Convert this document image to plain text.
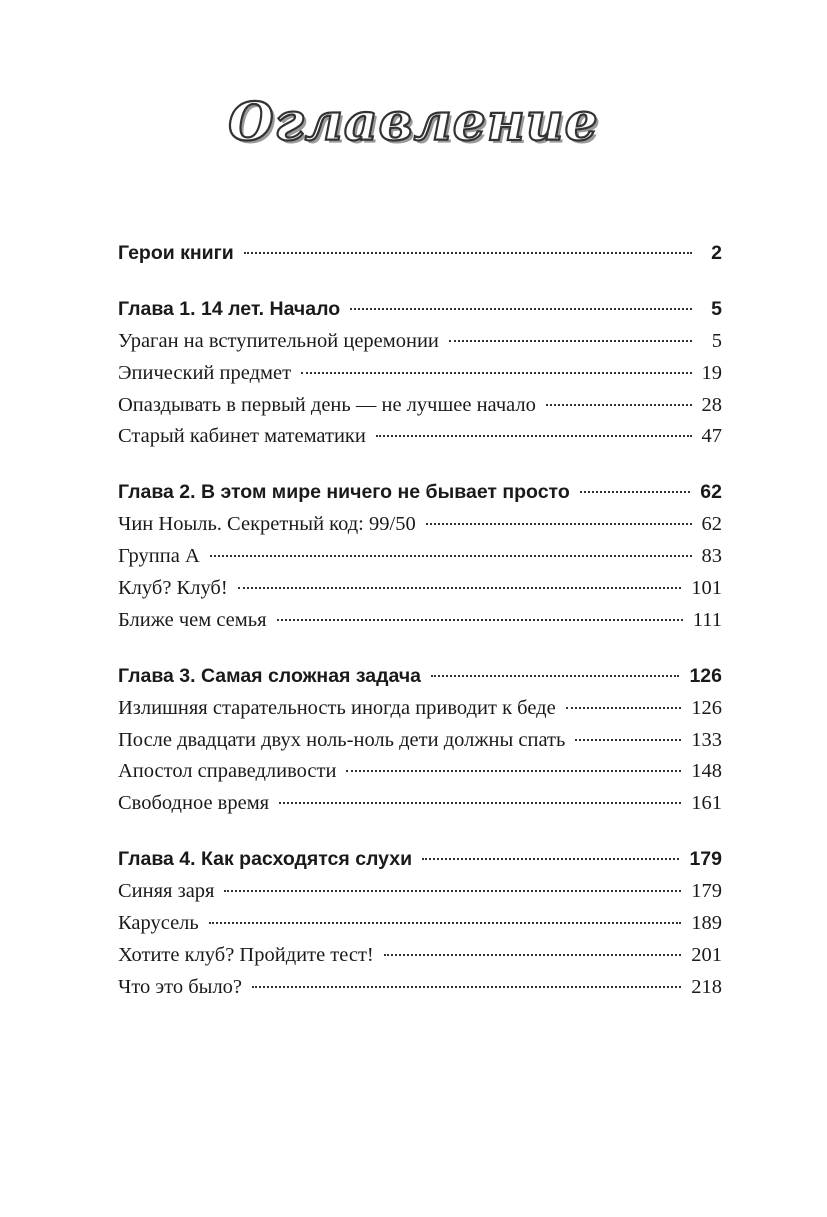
Оглавление
Герои книги	2
Глава 1. 14 лет. Начало	5
Ураган на вступительной церемонии	5
Эпический предмет	19
Опаздывать в первый день — не лучшее начало	28
Старый кабинет математики	47
Глава 2. В этом мире ничего не бывает просто	62
Чин Ноыль. Секретный код: 99/50	62
Группа А	83
Клуб? Клуб!	101
Ближе чем семья	111
Глава 3. Самая сложная задача	126
Излишняя старательность иногда приводит к беде	126
После двадцати двух ноль-ноль дети должны спать	133
Апостол справедливости	148
Свободное время	161
Глава 4. Как расходятся слухи	179
Синяя заря	179
Карусель	189
Хотите клуб? Пройдите тест!	201
Что это было?	218
